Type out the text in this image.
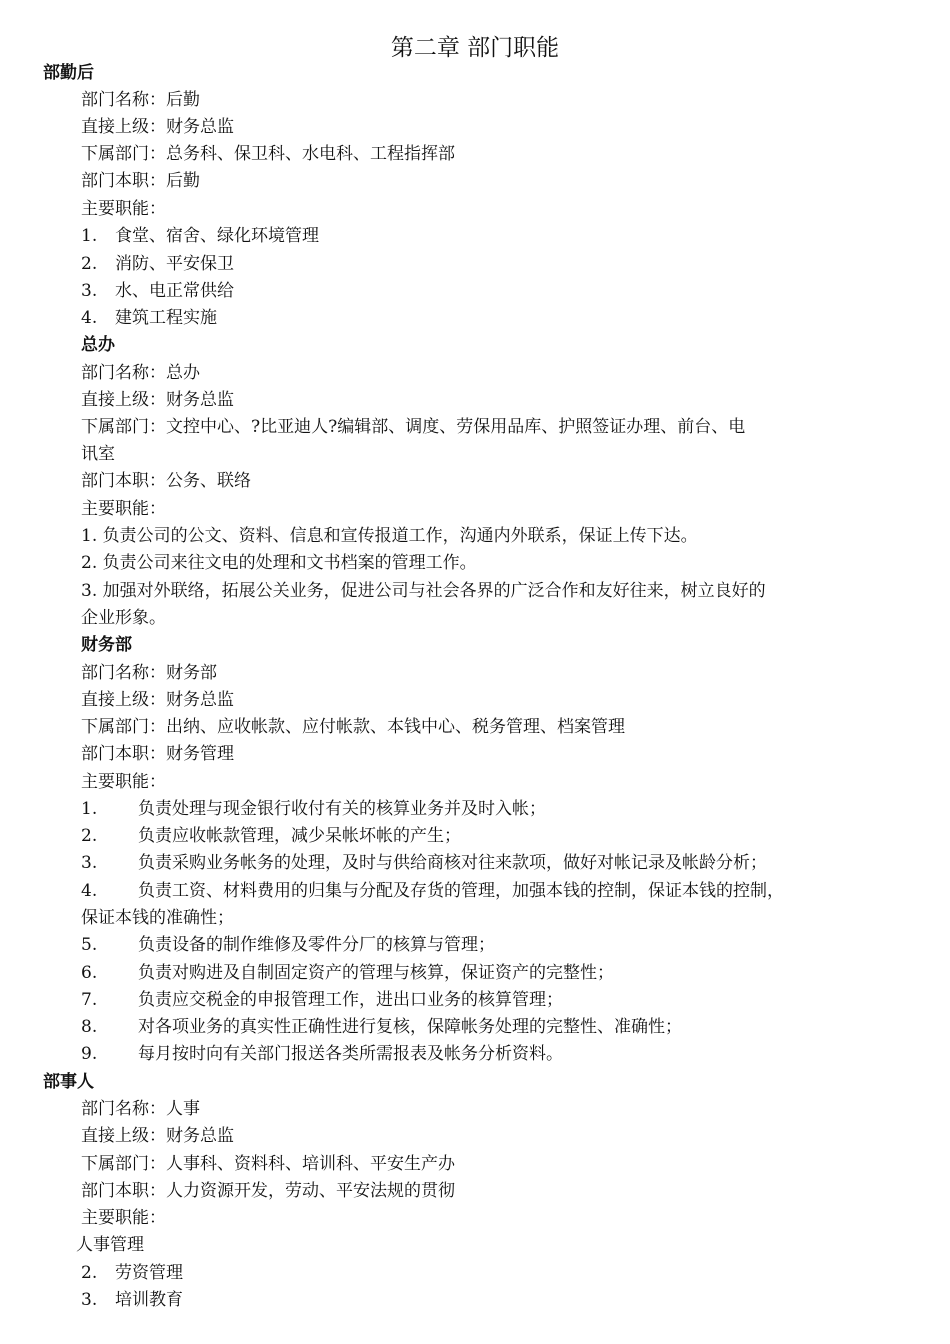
第二章 部门职能
部勤后
部门名称：后勤
直接上级：财务总监
下属部门：总务科、保卫科、水电科、工程指挥部
部门本职：后勤
主要职能：
1. 食堂、宿舍、绿化环境管理
2. 消防、平安保卫
3. 水、电正常供给
4. 建筑工程实施
总办
部门名称：总办
直接上级：财务总监
下属部门：文控中心、?比亚迪人?编辑部、调度、劳保用品库、护照签证办理、前台、电
讯室
部门本职：公务、联络
主要职能：
1. 负责公司的公文、资料、信息和宣传报道工作，沟通内外联系，保证上传下达。
2. 负责公司来往文电的处理和文书档案的管理工作。
3. 加强对外联络，拓展公关业务，促进公司与社会各界的广泛合作和友好往来，树立良好的
企业形象。
财务部
部门名称：财务部
直接上级：财务总监
下属部门：出纳、应收帐款、应付帐款、本钱中心、税务管理、档案管理
部门本职：财务管理
主要职能：
1. 负责处理与现金银行收付有关的核算业务并及时入帐；
2. 负责应收帐款管理，减少呆帐坏帐的产生；
3. 负责采购业务帐务的处理，及时与供给商核对往来款项，做好对帐记录及帐龄分析；
4. 负责工资、材料费用的归集与分配及存货的管理，加强本钱的控制，保证本钱的控制，
保证本钱的准确性；
5. 负责设备的制作维修及零件分厂的核算与管理；
6. 负责对购进及自制固定资产的管理与核算，保证资产的完整性；
7. 负责应交税金的申报管理工作，进出口业务的核算管理；
8. 对各项业务的真实性正确性进行复核，保障帐务处理的完整性、准确性；
9. 每月按时向有关部门报送各类所需报表及帐务分析资料。
部事人
部门名称：人事
直接上级：财务总监
下属部门：人事科、资料科、培训科、平安生产办
部门本职：人力资源开发，劳动、平安法规的贯彻
主要职能：
人事管理
2. 劳资管理
3. 培训教育
